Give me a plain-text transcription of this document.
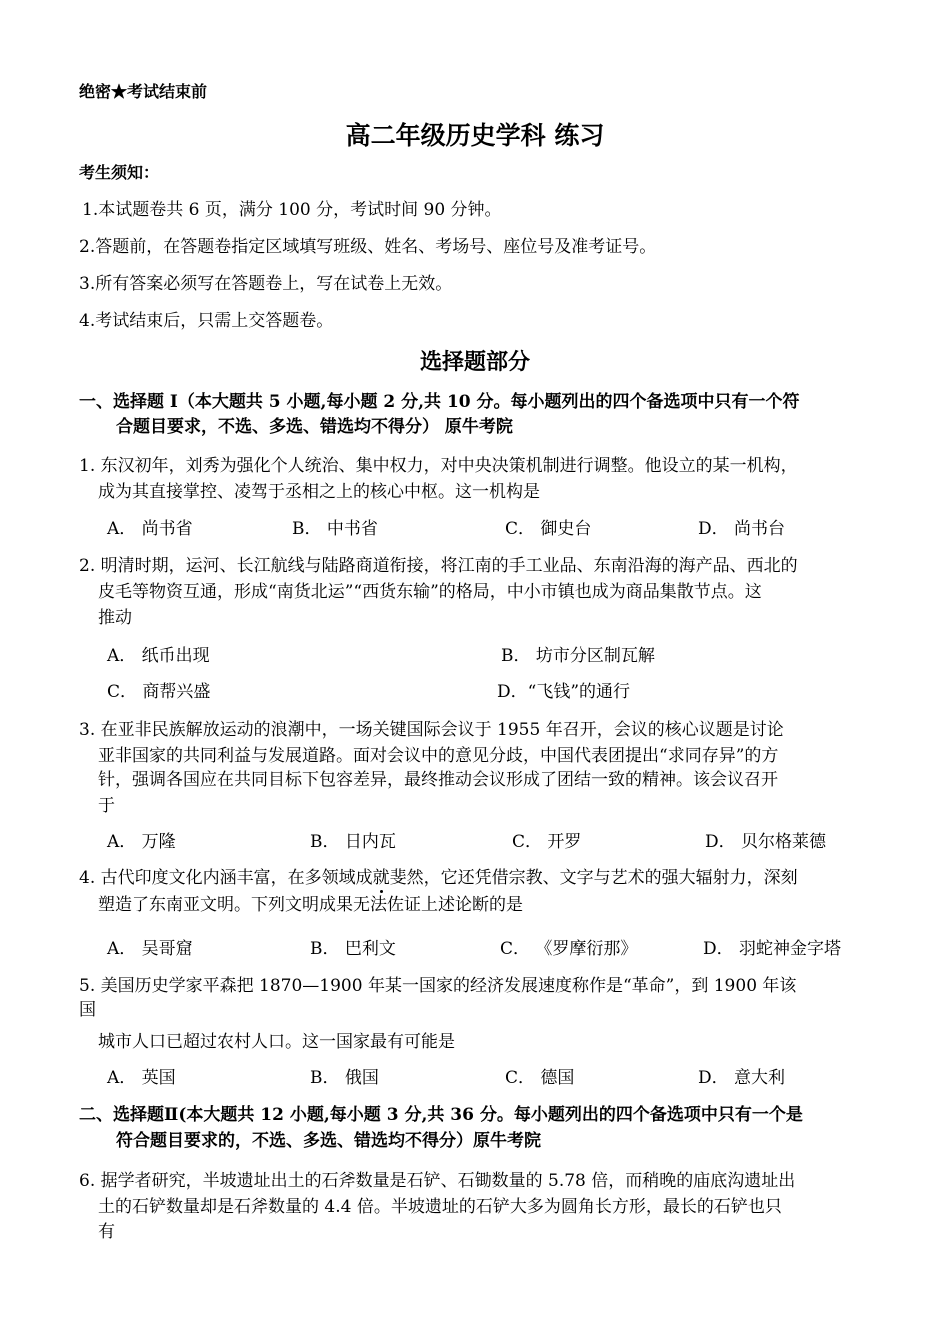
绝密★考试结束前
高二年级历史学科 练习
考生须知：
1.本试题卷共 6 页，满分 100 分，考试时间 90 分钟。
2.答题前，在答题卷指定区域填写班级、姓名、考场号、座位号及准考证号。
3.所有答案必须写在答题卷上，写在试卷上无效。
4.考试结束后，只需上交答题卷。
选择题部分
一、选择题 I（本大题共 5 小题,每小题 2 分,共 10 分。每小题列出的四个备选项中只有一个符
合题目要求，不选、多选、错选均不得分） 原牛考院
1. 东汉初年，刘秀为强化个人统治、集中权力，对中央决策机制进行调整。他设立的某一机构，
成为其直接掌控、凌驾于丞相之上的核心中枢。这一机构是
A． 尚书省	B． 中书省	C． 御史台	D． 尚书台
2. 明清时期，运河、长江航线与陆路商道衔接，将江南的手工业品、东南沿海的海产品、西北的
皮毛等物资互通，形成“南货北运”“西货东输”的格局，中小市镇也成为商品集散节点。这
推动
A． 纸币出现	B． 坊市分区制瓦解
C． 商帮兴盛	D．“飞钱”的通行
3. 在亚非民族解放运动的浪潮中，一场关键国际会议于 1955 年召开，会议的核心议题是讨论
亚非国家的共同利益与发展道路。面对会议中的意见分歧，中国代表团提出“求同存异”的方
针，强调各国应在共同目标下包容差异，最终推动会议形成了团结一致的精神。该会议召开
于
A． 万隆	B． 日内瓦	C． 开罗	D． 贝尔格莱德
4. 古代印度文化内涵丰富，在多领域成就斐然，它还凭借宗教、文字与艺术的强大辐射力，深刻
塑造了东南亚文明。下列文明成果无法佐证上述论断的是
A． 吴哥窟	B． 巴利文	C． 《罗摩衍那》	D． 羽蛇神金字塔
5. 美国历史学家平森把 1870—1900 年某一国家的经济发展速度称作是“革命”，到 1900 年该
国
城市人口已超过农村人口。这一国家最有可能是
A． 英国	B． 俄国	C． 德国	D． 意大利
二、选择题Ⅱ(本大题共 12 小题,每小题 3 分,共 36 分。每小题列出的四个备选项中只有一个是
符合题目要求的，不选、多选、错选均不得分）原牛考院
6. 据学者研究，半坡遗址出土的石斧数量是石铲、石锄数量的 5.78 倍，而稍晚的庙底沟遗址出
土的石铲数量却是石斧数量的 4.4 倍。半坡遗址的石铲大多为圆角长方形，最长的石铲也只
有
